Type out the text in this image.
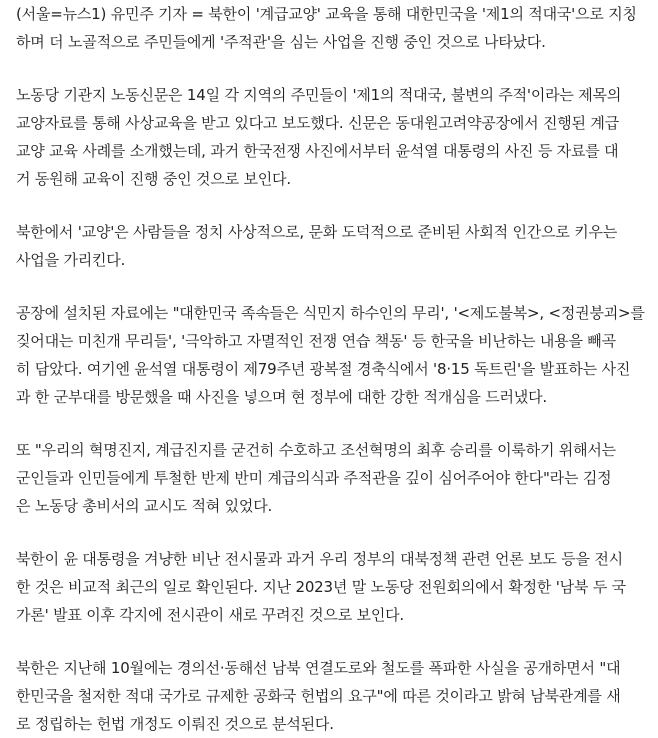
(서울=뉴스1) 유민주 기자 = 북한이 '계급교양' 교육을 통해 대한민국을 '제1의 적대국'으로 지칭
하며 더 노골적으로 주민들에게 '주적관'을 심는 사업을 진행 중인 것으로 나타났다.
노동당 기관지 노동신문은 14일 각 지역의 주민들이 '제1의 적대국, 불변의 주적'이라는 제목의
교양자료를 통해 사상교육을 받고 있다고 보도했다. 신문은 동대원고려약공장에서 진행된 계급
교양 교육 사례를 소개했는데, 과거 한국전쟁 사진에서부터 윤석열 대통령의 사진 등 자료를 대
거 동원해 교육이 진행 중인 것으로 보인다.
북한에서 '교양'은 사람들을 정치 사상적으로, 문화 도덕적으로 준비된 사회적 인간으로 키우는
사업을 가리킨다.
공장에 설치된 자료에는 "대한민국 족속들은 식민지 하수인의 무리', '<제도불복>, <정권붕괴>를
짖어대는 미친개 무리들', '극악하고 자멸적인 전쟁 연습 책동' 등 한국을 비난하는 내용을 빼곡
히 담았다. 여기엔 윤석열 대통령이 제79주년 광복절 경축식에서 '8·15 독트린'을 발표하는 사진
과 한 군부대를 방문했을 때 사진을 넣으며 현 정부에 대한 강한 적개심을 드러냈다.
또 "우리의 혁명진지, 계급진지를 굳건히 수호하고 조선혁명의 최후 승리를 이룩하기 위해서는
군인들과 인민들에게 투철한 반제 반미 계급의식과 주적관을 깊이 심어주어야 한다"라는 김정
은 노동당 총비서의 교시도 적혀 있었다.
북한이 윤 대통령을 겨냥한 비난 전시물과 과거 우리 정부의 대북정책 관련 언론 보도 등을 전시
한 것은 비교적 최근의 일로 확인된다. 지난 2023년 말 노동당 전원회의에서 확정한 '남북 두 국
가론' 발표 이후 각지에 전시관이 새로 꾸려진 것으로 보인다.
북한은 지난해 10월에는 경의선·동해선 남북 연결도로와 철도를 폭파한 사실을 공개하면서 "대
한민국을 철저한 적대 국가로 규제한 공화국 헌법의 요구"에 따른 것이라고 밝혀 남북관계를 새
로 정립하는 헌법 개정도 이뤄진 것으로 분석된다.
